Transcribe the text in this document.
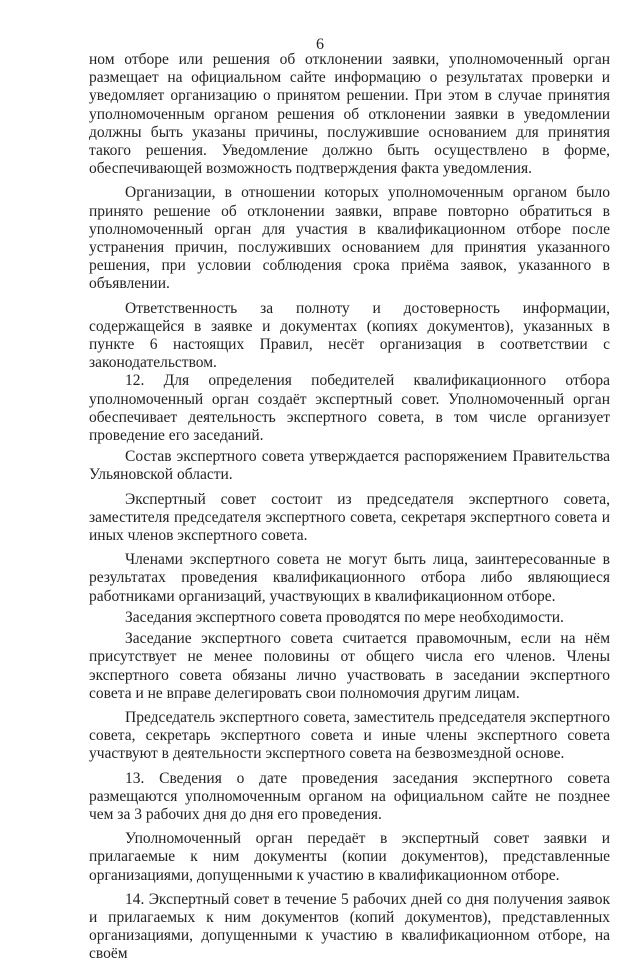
6

ном отборе или решения об отклонении заявки, уполномоченный орган размещает на официальном сайте информацию о результатах проверки и уведомляет организацию о принятом решении. При этом в случае принятия уполномоченным органом решения об отклонении заявки в уведомлении должны быть указаны причины, послужившие основанием для принятия такого решения. Уведомление должно быть осуществлено в форме, обеспечивающей возможность подтверждения факта уведомления.

Организации, в отношении которых уполномоченным органом было принято решение об отклонении заявки, вправе повторно обратиться в уполномоченный орган для участия в квалификационном отборе после устранения причин, послуживших основанием для принятия указанного решения, при условии соблюдения срока приёма заявок, указанного в объявлении.

Ответственность за полноту и достоверность информации, содержащейся в заявке и документах (копиях документов), указанных в пункте 6 настоящих Правил, несёт организация в соответствии с законодательством.

12. Для определения победителей квалификационного отбора уполномоченный орган создаёт экспертный совет. Уполномоченный орган обеспечивает деятельность экспертного совета, в том числе организует проведение его заседаний.

Состав экспертного совета утверждается распоряжением Правительства Ульяновской области.

Экспертный совет состоит из председателя экспертного совета, заместителя председателя экспертного совета, секретаря экспертного совета и иных членов экспертного совета.

Членами экспертного совета не могут быть лица, заинтересованные в результатах проведения квалификационного отбора либо являющиеся работниками организаций, участвующих в квалификационном отборе.

Заседания экспертного совета проводятся по мере необходимости.

Заседание экспертного совета считается правомочным, если на нём присутствует не менее половины от общего числа его членов. Члены экспертного совета обязаны лично участвовать в заседании экспертного совета и не вправе делегировать свои полномочия другим лицам.

Председатель экспертного совета, заместитель председателя экспертного совета, секретарь экспертного совета и иные члены экспертного совета участвуют в деятельности экспертного совета на безвозмездной основе.

13. Сведения о дате проведения заседания экспертного совета размещаются уполномоченным органом на официальном сайте не позднее чем за 3 рабочих дня до дня его проведения.

Уполномоченный орган передаёт в экспертный совет заявки и прилагаемые к ним документы (копии документов), представленные организациями, допущенными к участию в квалификационном отборе.

14. Экспертный совет в течение 5 рабочих дней со дня получения заявок и прилагаемых к ним документов (копий документов), представленных организациями, допущенными к участию в квалификационном отборе, на своём
